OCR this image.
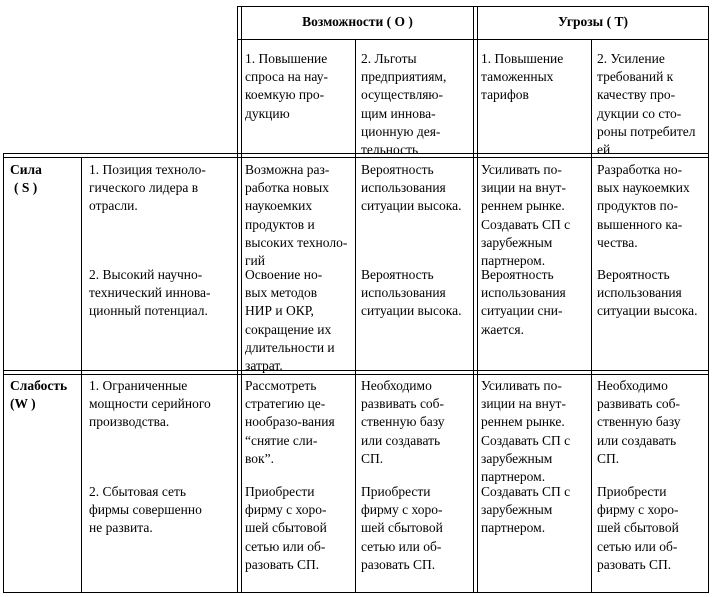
Возможности ( О )	Угрозы ( Т)
1. Повышение
спроса на нау-
коемкую про-
дукцию
2. Льготы
предприятиям,
осуществляю-
щим иннова-
ционную дея-
тельность
1. Повышение
таможенных
тарифов
2. Усиление
требований к
качеству про-
дукции со сто-
роны потребител
ей
Сила
( S )
1. Позиция техноло-
гического лидера в
отрасли.
Возможна раз-
работка новых
наукоемких
продуктов и
высоких техноло-
гий
Вероятность
использования
ситуации высока.
Усиливать по-
зиции на внут-
реннем рынке.
Создавать СП с
зарубежным
партнером.
Разработка но-
вых наукоемких
продуктов по-
вышенного ка-
чества.
2. Высокий научно-
технический иннова-
ционный потенциал.
Освоение но-
вых методов
НИР и ОКР,
сокращение их
длительности и
затрат.
Вероятность
использования
ситуации высока.
Вероятность
использования
ситуации сни-
жается.
Вероятность
использования
ситуации высока.
Слабость
(W )
1. Ограниченные
мощности серийного
производства.
Рассмотреть
стратегию це-
нообразо-вания
“снятие сли-
вок”.
Необходимо
развивать соб-
ственную базу
или создавать
СП.
Усиливать по-
зиции на внут-
реннем рынке.
Создавать СП с
зарубежным
партнером.
Необходимо
развивать соб-
ственную базу
или создавать
СП.
2. Сбытовая сеть
фирмы совершенно
не развита.
Приобрести
фирму с хоро-
шей сбытовой
сетью или об-
разовать СП.
Приобрести
фирму с хоро-
шей сбытовой
сетью или об-
разовать СП.
Создавать СП с
зарубежным
партнером.
Приобрести
фирму с хоро-
шей сбытовой
сетью или об-
разовать СП.
